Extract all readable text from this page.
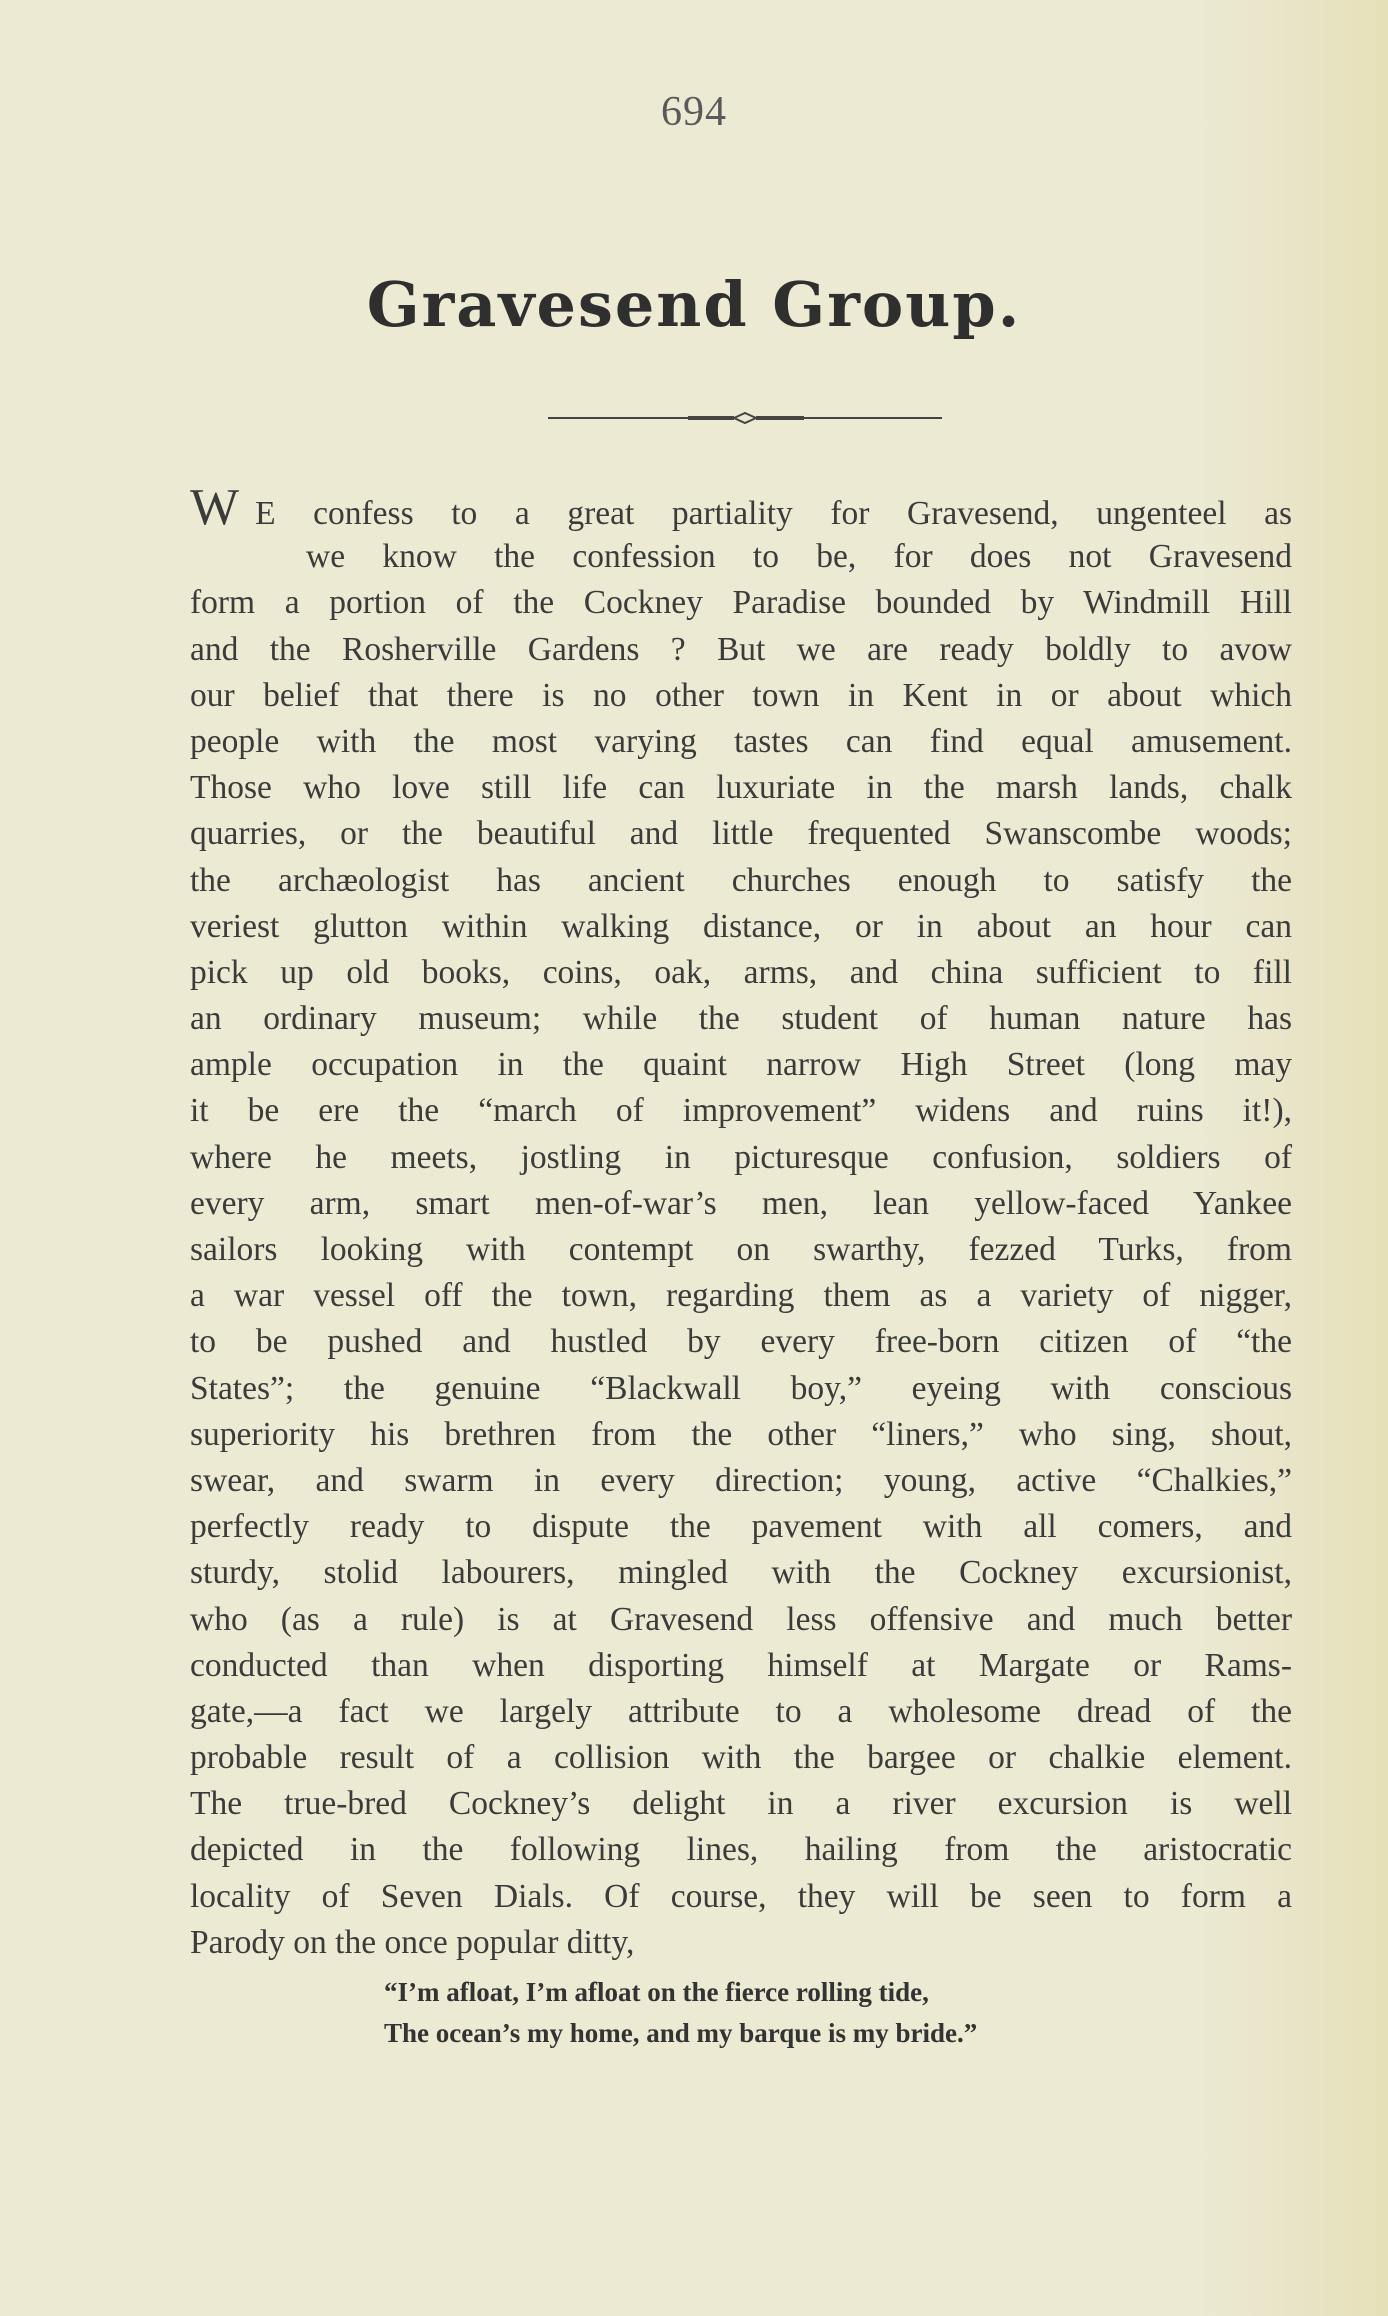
694
Gravesend Group.
W E confess to a great partiality for Gravesend, ungenteel as
we know the confession to be, for does not Gravesend
form a portion of the Cockney Paradise bounded by Windmill Hill
and the Rosherville Gardens ? But we are ready boldly to avow
our belief that there is no other town in Kent in or about which
people with the most varying tastes can find equal amusement.
Those who love still life can luxuriate in the marsh lands, chalk
quarries, or the beautiful and little frequented Swanscombe woods;
the archæologist has ancient churches enough to satisfy the
veriest glutton within walking distance, or in about an hour can
pick up old books, coins, oak, arms, and china sufficient to fill
an ordinary museum; while the student of human nature has
ample occupation in the quaint narrow High Street (long may
it be ere the “march of improvement” widens and ruins it!),
where he meets, jostling in picturesque confusion, soldiers of
every arm, smart men-of-war’s men, lean yellow-faced Yankee
sailors looking with contempt on swarthy, fezzed Turks, from
a war vessel off the town, regarding them as a variety of nigger,
to be pushed and hustled by every free-born citizen of “the
States”; the genuine “Blackwall boy,” eyeing with conscious
superiority his brethren from the other “liners,” who sing, shout,
swear, and swarm in every direction; young, active “Chalkies,”
perfectly ready to dispute the pavement with all comers, and
sturdy, stolid labourers, mingled with the Cockney excursionist,
who (as a rule) is at Gravesend less offensive and much better
conducted than when disporting himself at Margate or Rams-
gate,—a fact we largely attribute to a wholesome dread of the
probable result of a collision with the bargee or chalkie element.
The true-bred Cockney’s delight in a river excursion is well
depicted in the following lines, hailing from the aristocratic
locality of Seven Dials. Of course, they will be seen to form a
Parody on the once popular ditty,
“I’m afloat, I’m afloat on the fierce rolling tide,
The ocean’s my home, and my barque is my bride.”
